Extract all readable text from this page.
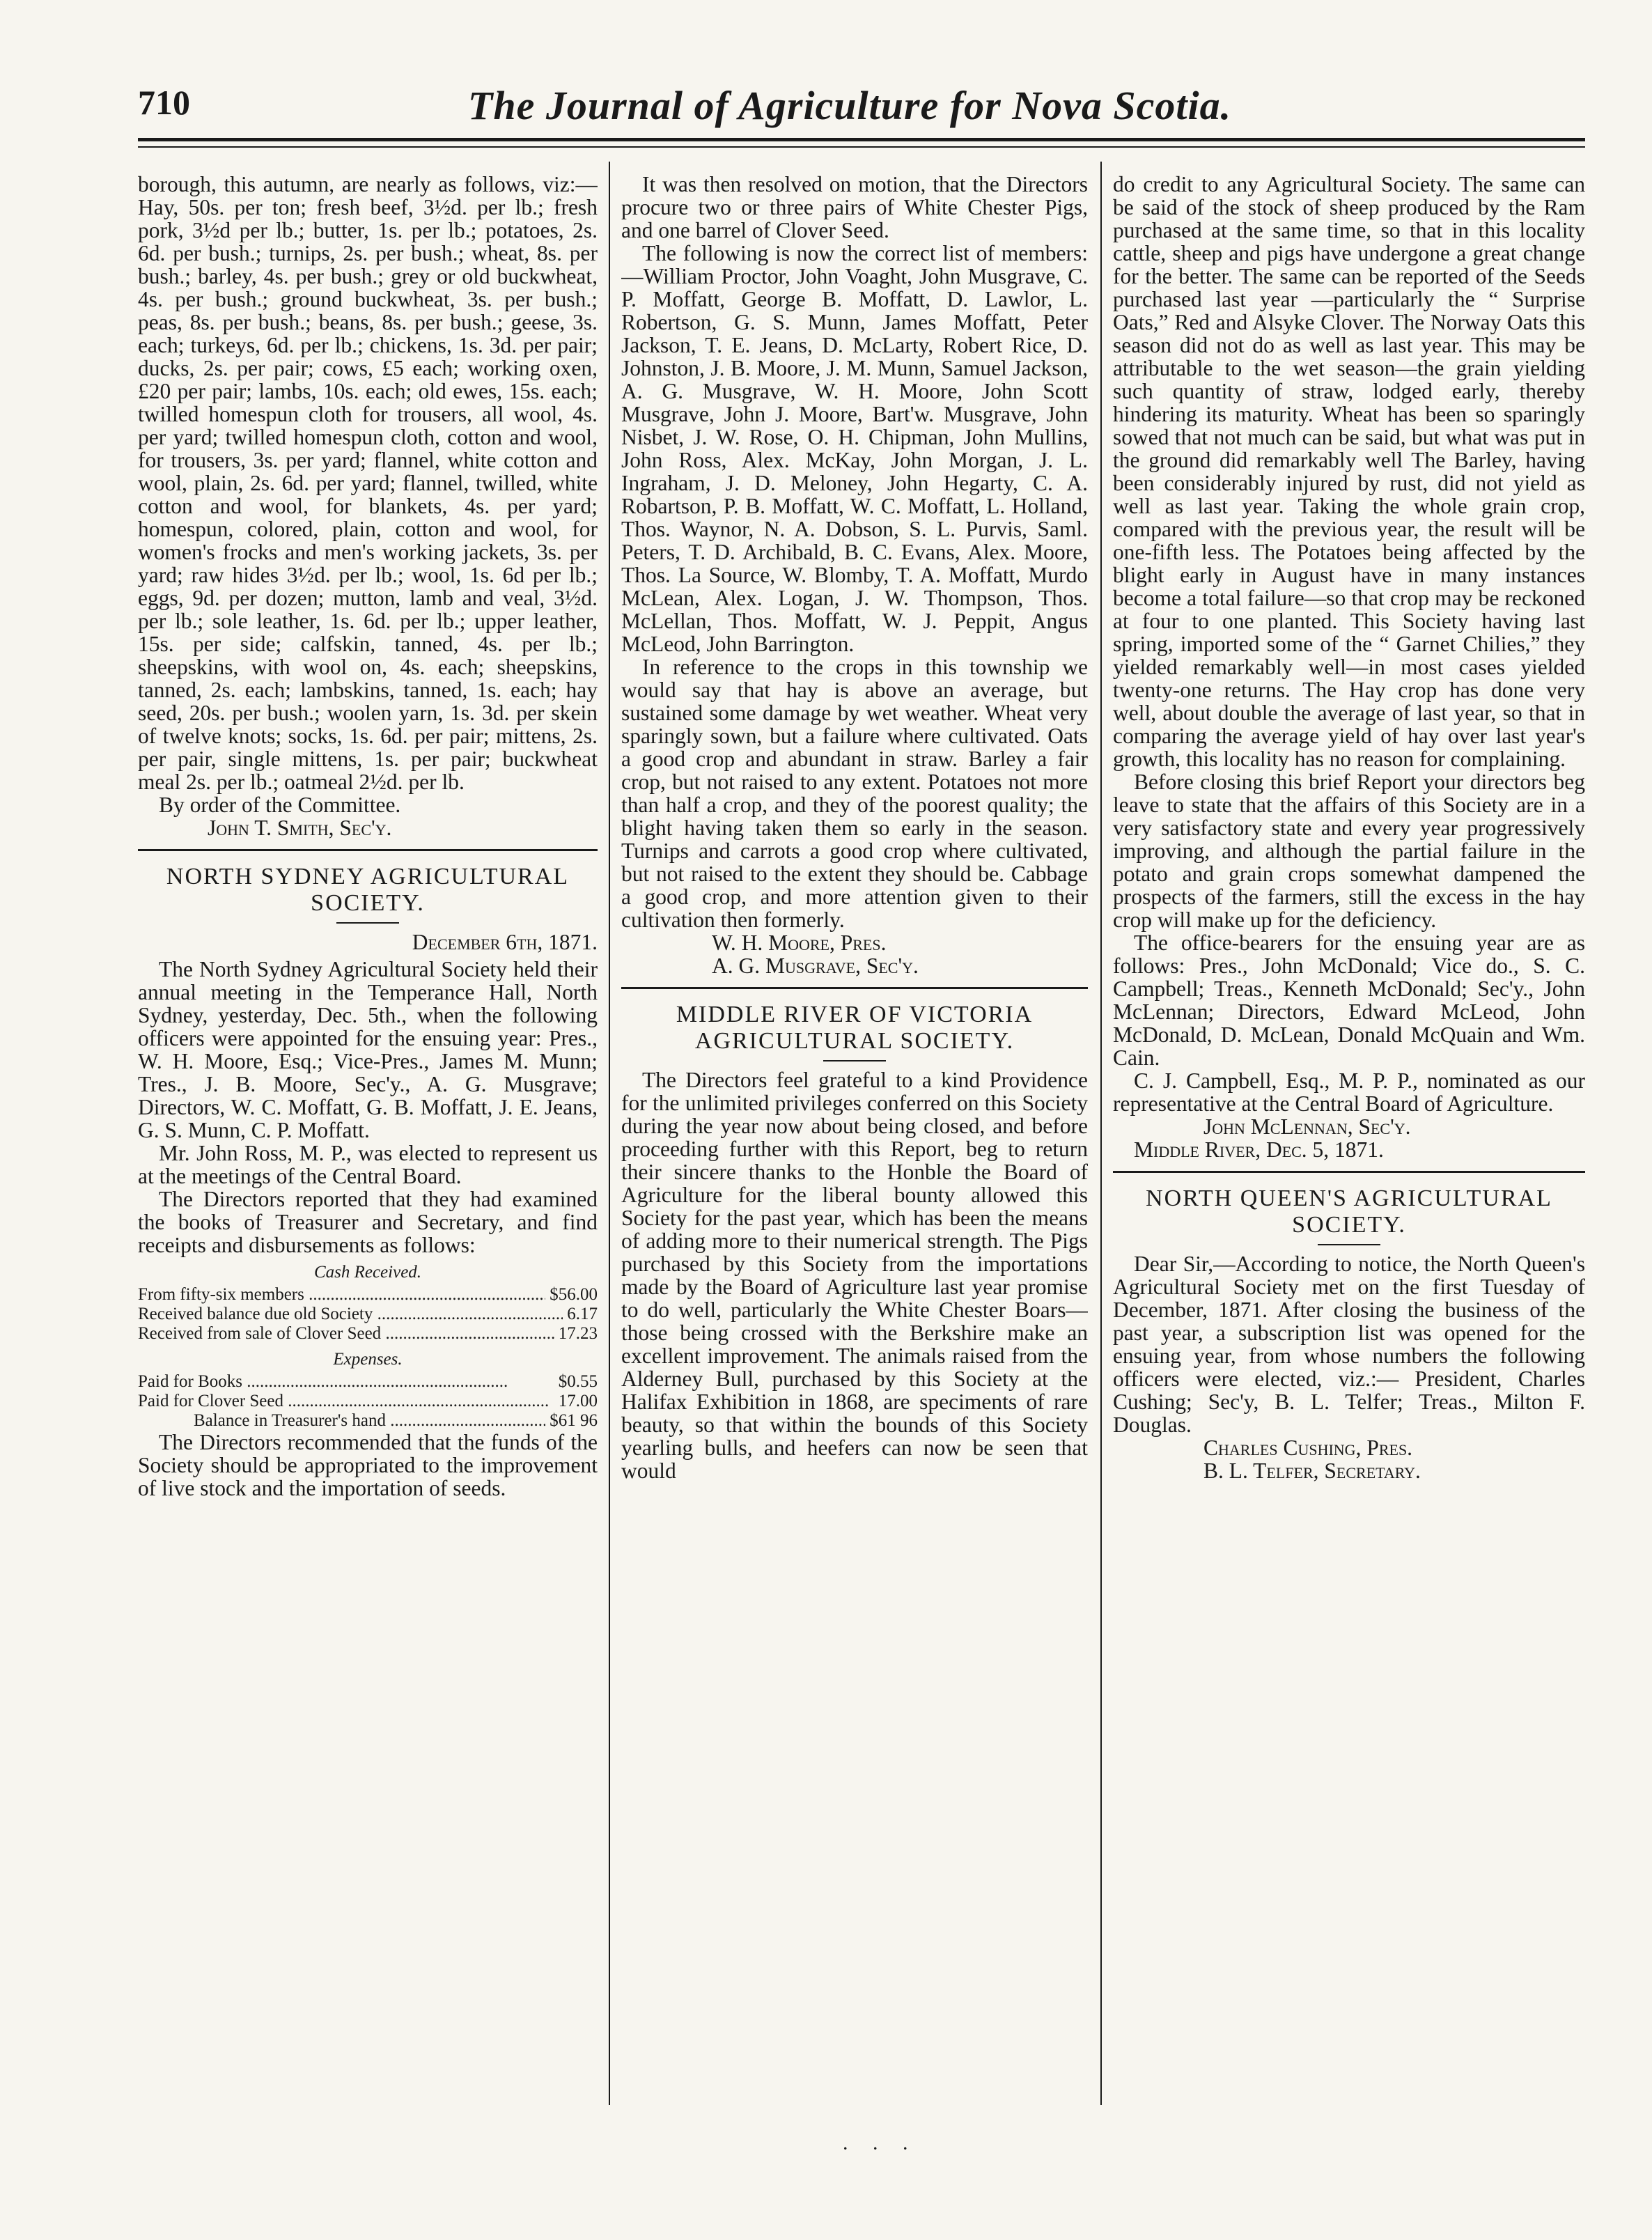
710	The Journal of Agriculture for Nova Scotia.

borough, this autumn, are nearly as follows, viz:—Hay, 50s. per ton; fresh beef, 3½d. per lb.; fresh pork, 3½d per lb.; butter, 1s. per lb.; potatoes, 2s. 6d. per bush.; turnips, 2s. per bush.; wheat, 8s. per bush.; barley, 4s. per bush.; grey or old buckwheat, 4s. per bush.; ground buckwheat, 3s. per bush.; peas, 8s. per bush.; beans, 8s. per bush.; geese, 3s. each; turkeys, 6d. per lb.; chickens, 1s. 3d. per pair; ducks, 2s. per pair; cows, £5 each; working oxen, £20 per pair; lambs, 10s. each; old ewes, 15s. each; twilled homespun cloth for trousers, all wool, 4s. per yard; twilled homespun cloth, cotton and wool, for trousers, 3s. per yard; flannel, white cotton and wool, plain, 2s. 6d. per yard; flannel, twilled, white cotton and wool, for blankets, 4s. per yard; homespun, colored, plain, cotton and wool, for women's frocks and men's working jackets, 3s. per yard; raw hides 3½d. per lb.; wool, 1s. 6d per lb.; eggs, 9d. per dozen; mutton, lamb and veal, 3½d. per lb.; sole leather, 1s. 6d. per lb.; upper leather, 15s. per side; calfskin, tanned, 4s. per lb.; sheepskins, with wool on, 4s. each; sheepskins, tanned, 2s. each; lambskins, tanned, 1s. each; hay seed, 20s. per bush.; woolen yarn, 1s. 3d. per skein of twelve knots; socks, 1s. 6d. per pair; mittens, 2s. per pair, single mittens, 1s. per pair; buckwheat meal 2s. per lb.; oatmeal 2½d. per lb.

By order of the Committee.

John T. Smith, Sec'y.

NORTH SYDNEY AGRICULTURAL SOCIETY.

December 6th, 1871.

The North Sydney Agricultural Society held their annual meeting in the Temperance Hall, North Sydney, yesterday, Dec. 5th., when the following officers were appointed for the ensuing year: Pres., W. H. Moore, Esq.; Vice-Pres., James M. Munn; Tres., J. B. Moore, Sec'y., A. G. Musgrave; Directors, W. C. Moffatt, G. B. Moffatt, J. E. Jeans, G. S. Munn, C. P. Moffatt.

Mr. John Ross, M. P., was elected to represent us at the meetings of the Central Board.

The Directors reported that they had examined the books of Treasurer and Secretary, and find receipts and disbursements as follows:

Cash Received.

From fifty-six members .....	$56.00
Received balance due old Society .....	6.17
Received from sale of Clover Seed .....	17.23

Expenses.

Paid for Books .....	$0.55
Paid for Clover Seed .....	17.00
Balance in Treasurer's hand .....	$61 96

The Directors recommended that the funds of the Society should be appropriated to the improvement of live stock and the importation of seeds.

It was then resolved on motion, that the Directors procure two or three pairs of White Chester Pigs, and one barrel of Clover Seed.

The following is now the correct list of members:—William Proctor, John Voaght, John Musgrave, C. P. Moffatt, George B. Moffatt, D. Lawlor, L. Robertson, G. S. Munn, James Moffatt, Peter Jackson, T. E. Jeans, D. McLarty, Robert Rice, D. Johnston, J. B. Moore, J. M. Munn, Samuel Jackson, A. G. Musgrave, W. H. Moore, John Scott Musgrave, John J. Moore, Bart'w. Musgrave, John Nisbet, J. W. Rose, O. H. Chipman, John Mullins, John Ross, Alex. McKay, John Morgan, J. L. Ingraham, J. D. Meloney, John Hegarty, C. A. Robartson, P. B. Moffatt, W. C. Moffatt, L. Holland, Thos. Waynor, N. A. Dobson, S. L. Purvis, Saml. Peters, T. D. Archibald, B. C. Evans, Alex. Moore, Thos. La Source, W. Blomby, T. A. Moffatt, Murdo McLean, Alex. Logan, J. W. Thompson, Thos. McLellan, Thos. Moffatt, W. J. Peppit, Angus McLeod, John Barrington.

In reference to the crops in this township we would say that hay is above an average, but sustained some damage by wet weather. Wheat very sparingly sown, but a failure where cultivated. Oats a good crop and abundant in straw. Barley a fair crop, but not raised to any extent. Potatoes not more than half a crop, and they of the poorest quality; the blight having taken them so early in the season. Turnips and carrots a good crop where cultivated, but not raised to the extent they should be. Cabbage a good crop, and more attention given to their cultivation then formerly.

W. H. Moore, Pres.

A. G. Musgrave, Sec'y.

MIDDLE RIVER OF VICTORIA AGRICULTURAL SOCIETY.

The Directors feel grateful to a kind Providence for the unlimited privileges conferred on this Society during the year now about being closed, and before proceeding further with this Report, beg to return their sincere thanks to the Honble the Board of Agriculture for the liberal bounty allowed this Society for the past year, which has been the means of adding more to their numerical strength. The Pigs purchased by this Society from the importations made by the Board of Agriculture last year promise to do well, particularly the White Chester Boars—those being crossed with the Berkshire make an excellent improvement. The animals raised from the Alderney Bull, purchased by this Society at the Halifax Exhibition in 1868, are speciments of rare beauty, so that within the bounds of this Society yearling bulls, and heefers can now be seen that would

do credit to any Agricultural Society. The same can be said of the stock of sheep produced by the Ram purchased at the same time, so that in this locality cattle, sheep and pigs have undergone a great change for the better. The same can be reported of the Seeds purchased last year —particularly the “ Surprise Oats,” Red and Alsyke Clover. The Norway Oats this season did not do as well as last year. This may be attributable to the wet season—the grain yielding such quantity of straw, lodged early, thereby hindering its maturity. Wheat has been so sparingly sowed that not much can be said, but what was put in the ground did remarkably well The Barley, having been considerably injured by rust, did not yield as well as last year. Taking the whole grain crop, compared with the previous year, the result will be one-fifth less. The Potatoes being affected by the blight early in August have in many instances become a total failure—so that crop may be reckoned at four to one planted. This Society having last spring, imported some of the “ Garnet Chilies,” they yielded remarkably well—in most cases yielded twenty-one returns. The Hay crop has done very well, about double the average of last year, so that in comparing the average yield of hay over last year's growth, this locality has no reason for complaining.

Before closing this brief Report your directors beg leave to state that the affairs of this Society are in a very satisfactory state and every year progressively improving, and although the partial failure in the potato and grain crops somewhat dampened the prospects of the farmers, still the excess in the hay crop will make up for the deficiency.

The office-bearers for the ensuing year are as follows: Pres., John McDonald; Vice do., S. C. Campbell; Treas., Kenneth McDonald; Sec'y., John McLennan; Directors, Edward McLeod, John McDonald, D. McLean, Donald McQuain and Wm. Cain.

C. J. Campbell, Esq., M. P. P., nominated as our representative at the Central Board of Agriculture.

John McLennan, Sec'y.

Middle River, Dec. 5, 1871.

NORTH QUEEN'S AGRICULTURAL SOCIETY.

Dear Sir,—According to notice, the North Queen's Agricultural Society met on the first Tuesday of December, 1871. After closing the business of the past year, a subscription list was opened for the ensuing year, from whose numbers the following officers were elected, viz.:— President, Charles Cushing; Sec'y, B. L. Telfer; Treas., Milton F. Douglas.

Charles Cushing, Pres.

B. L. Telfer, Secretary.

. . .
